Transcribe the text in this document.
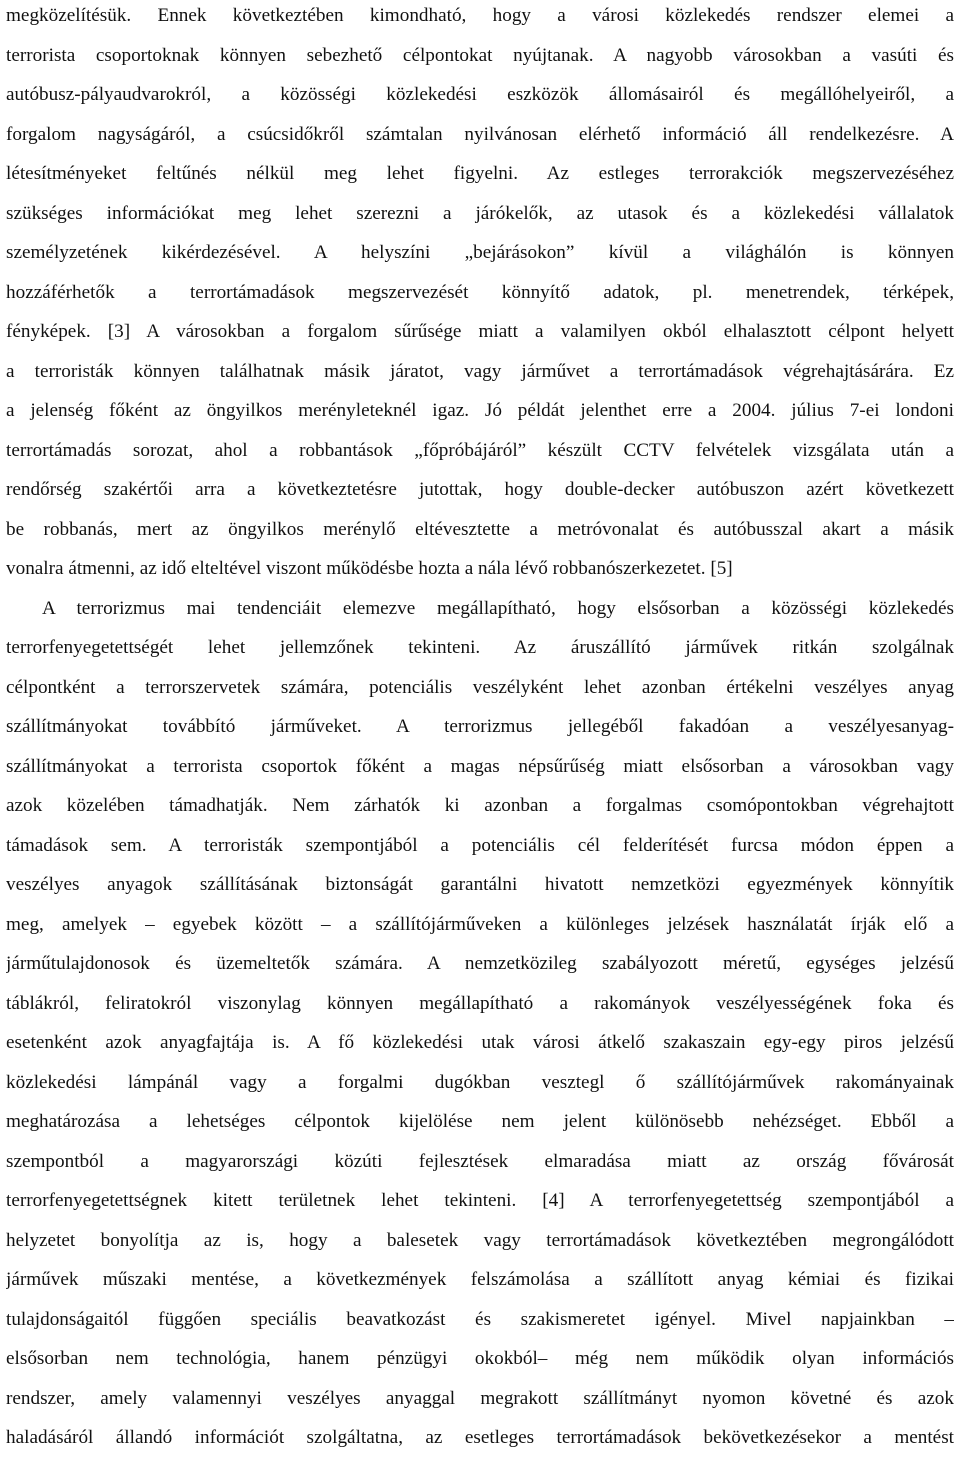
megközelítésük. Ennek következtében kimondható, hogy a városi közlekedés rendszer elemei a
terrorista csoportoknak könnyen sebezhető célpontokat nyújtanak. A nagyobb városokban a vasúti és
autóbusz-pályaudvarokról, a közösségi közlekedési eszközök állomásairól és megállóhelyeiről, a
forgalom nagyságáról, a csúcsidőkről számtalan nyilvánosan elérhető információ áll rendelkezésre. A
létesítményeket feltűnés nélkül meg lehet figyelni. Az estleges terrorakciók megszervezéséhez
szükséges információkat meg lehet szerezni a járókelők, az utasok és a közlekedési vállalatok
személyzetének kikérdezésével. A helyszíni „bejárásokon” kívül a világhálón is könnyen
hozzáférhetők a terrortámadások megszervezését könnyítő adatok, pl. menetrendek, térképek,
fényképek. [3] A városokban a forgalom sűrűsége miatt a valamilyen okból elhalasztott célpont helyett
a terroristák könnyen találhatnak másik járatot, vagy járművet a terrortámadások végrehajtásárára. Ez
a jelenség főként az öngyilkos merényleteknél igaz. Jó példát jelenthet erre a 2004. július 7-ei londoni
terrortámadás sorozat, ahol a robbantások „főpróbájáról” készült CCTV felvételek vizsgálata után a
rendőrség szakértői arra a következtetésre jutottak, hogy double-decker autóbuszon azért következett
be robbanás, mert az öngyilkos merénylő eltévesztette a metróvonalat és autóbusszal akart a másik
vonalra átmenni, az idő elteltével viszont működésbe hozta a nála lévő robbanószerkezetet. [5]

A terrorizmus mai tendenciáit elemezve megállapítható, hogy elsősorban a közösségi közlekedés
terrorfenyegetettségét lehet jellemzőnek tekinteni. Az áruszállító járművek ritkán szolgálnak
célpontként a terrorszervetek számára, potenciális veszélyként lehet azonban értékelni veszélyes anyag
szállítmányokat továbbító járműveket. A terrorizmus jellegéből fakadóan a veszélyesanyag-
szállítmányokat a terrorista csoportok főként a magas népsűrűség miatt elsősorban a városokban vagy
azok közelében támadhatják. Nem zárhatók ki azonban a forgalmas csomópontokban végrehajtott
támadások sem. A terroristák szempontjából a potenciális cél felderítését furcsa módon éppen a
veszélyes anyagok szállításának biztonságát garantálni hivatott nemzetközi egyezmények könnyítik
meg, amelyek – egyebek között – a szállítójárműveken a különleges jelzések használatát írják elő a
járműtulajdonosok és üzemeltetők számára. A nemzetközileg szabályozott méretű, egységes jelzésű
táblákról, feliratokról viszonylag könnyen megállapítható a rakományok veszélyességének foka és
esetenként azok anyagfajtája is. A fő közlekedési utak városi átkelő szakaszain egy-egy piros jelzésű
közlekedési lámpánál vagy a forgalmi dugókban vesztegl ő szállítójárművek rakományainak
meghatározása a lehetséges célpontok kijelölése nem jelent különösebb nehézséget. Ebből a
szempontból a magyarországi közúti fejlesztések elmaradása miatt az ország fővárosát
terrorfenyegetettségnek kitett területnek lehet tekinteni. [4] A terrorfenyegetettség szempontjából a
helyzetet bonyolítja az is, hogy a balesetek vagy terrortámadások következtében megrongálódott
járművek műszaki mentése, a következmények felszámolása a szállított anyag kémiai és fizikai
tulajdonságaitól függően speciális beavatkozást és szakismeretet igényel. Mivel napjainkban –
elsősorban nem technológia, hanem pénzügyi okokból– még nem működik olyan információs
rendszer, amely valamennyi veszélyes anyaggal megrakott szállítmányt nyomon követné és azok
haladásáról állandó információt szolgáltatna, az esetleges terrortámadások bekövetkezésekor a mentést
